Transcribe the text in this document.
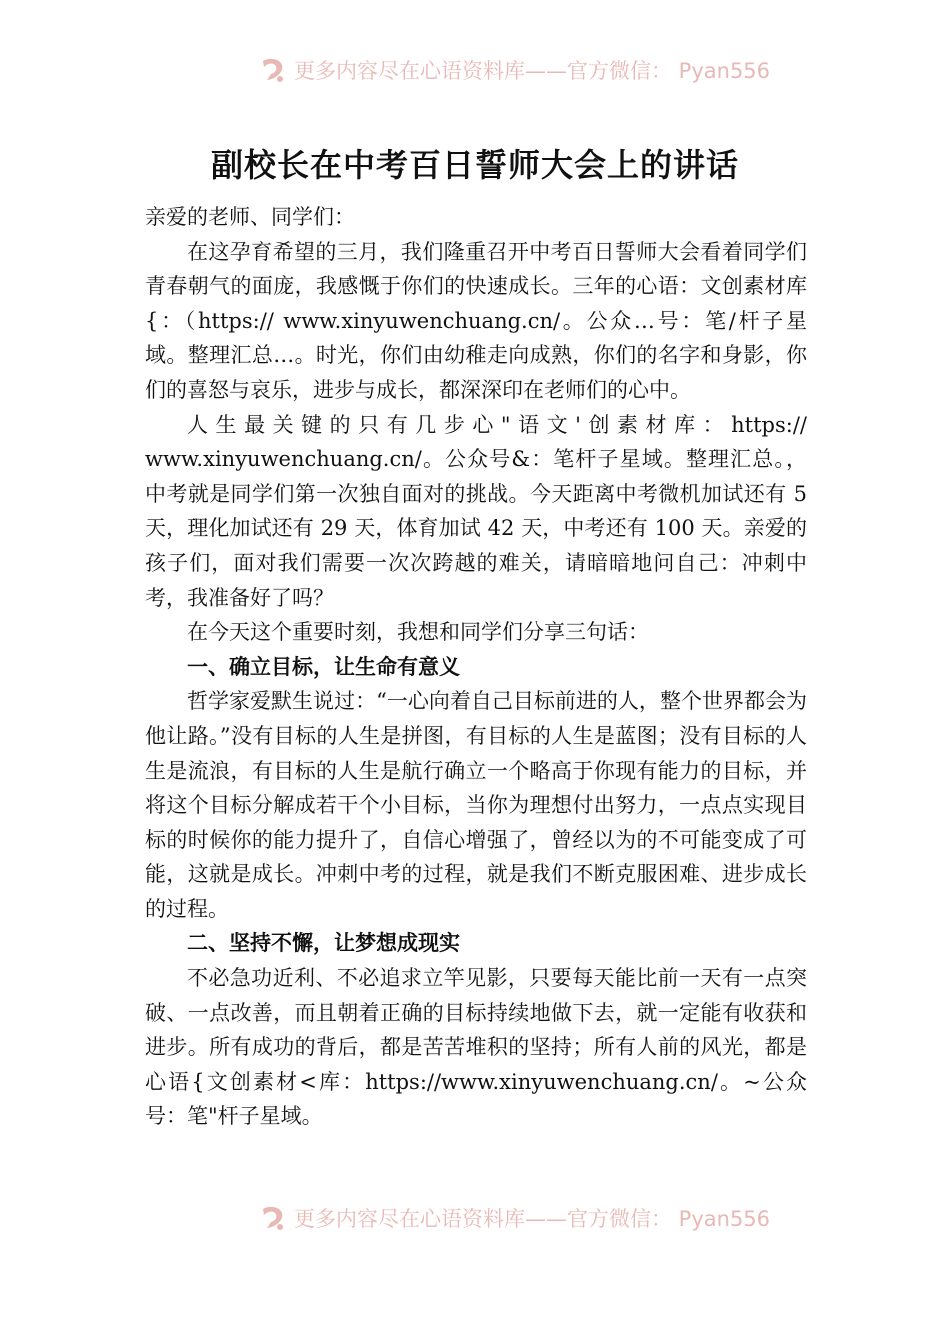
更多内容尽在心语资料库——官方微信： Pyan556
副校长在中考百日誓师大会上的讲话

亲爱的老师、同学们：

在这孕育希望的三月，我们隆重召开中考百日誓师大会看着同学们青春朝气的面庞，我感慨于你们的快速成长。三年的心语：文创素材库{：（https:// www.xinyuwenchuang.cn/。公众…号：笔/杆子星域。整理汇总…。时光，你们由幼稚走向成熟，你们的名字和身影，你们的喜怒与哀乐，进步与成长，都深深印在老师们的心中。

人生最关键的只有几步心"语文'创素材库：https:// www.xinyuwenchuang.cn/。公众号&：笔杆子星域。整理汇总。，中考就是同学们第一次独自面对的挑战。今天距离中考微机加试还有 5 天，理化加试还有 29 天，体育加试 42 天，中考还有 100 天。亲爱的孩子们，面对我们需要一次次跨越的难关，请暗暗地问自己：冲刺中考，我准备好了吗？

在今天这个重要时刻，我想和同学们分享三句话：

一、确立目标，让生命有意义

哲学家爱默生说过：“一心向着自己目标前进的人，整个世界都会为他让路。”没有目标的人生是拼图，有目标的人生是蓝图；没有目标的人生是流浪，有目标的人生是航行确立一个略高于你现有能力的目标，并将这个目标分解成若干个小目标，当你为理想付出努力，一点点实现目标的时候你的能力提升了，自信心增强了，曾经以为的不可能变成了可能，这就是成长。冲刺中考的过程，就是我们不断克服困难、进步成长的过程。

二、坚持不懈，让梦想成现实

不必急功近利、不必追求立竿见影，只要每天能比前一天有一点突破、一点改善，而且朝着正确的目标持续地做下去，就一定能有收获和进步。所有成功的背后，都是苦苦堆积的坚持；所有人前的风光，都是心语{文创素材<库：https://www.xinyuwenchuang.cn/。~公众号：笔"杆子星域。

更多内容尽在心语资料库——官方微信： Pyan556
